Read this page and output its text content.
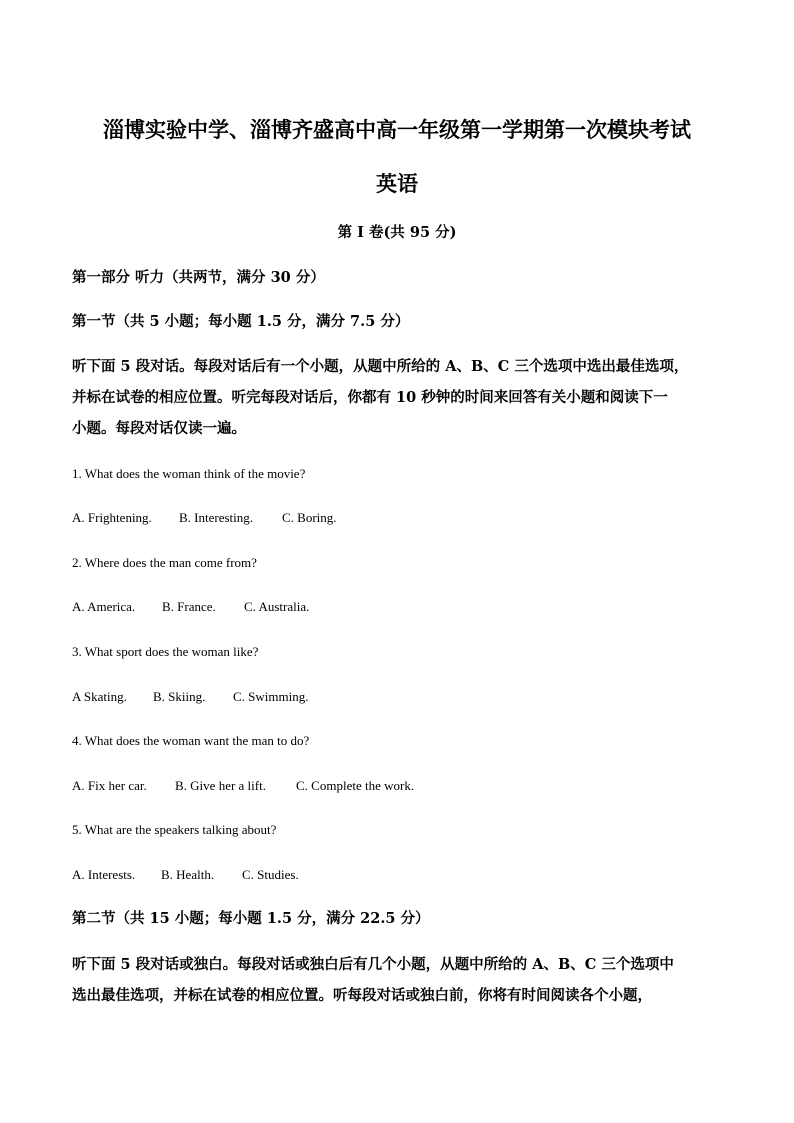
淄博实验中学、淄博齐盛高中高一年级第一学期第一次模块考试
英语
第 I 卷(共 95 分)
第一部分 听力（共两节，满分 30 分）
第一节（共 5 小题；每小题 1.5 分，满分 7.5 分）
听下面 5 段对话。每段对话后有一个小题，从题中所给的 A、B、C 三个选项中选出最佳选项，
并标在试卷的相应位置。听完每段对话后，你都有 10 秒钟的时间来回答有关小题和阅读下一
小题。每段对话仅读一遍。
1. What does the woman think of the movie?
A. Frightening. B. Interesting. C. Boring.
2. Where does the man come from?
A. America. B. France. C. Australia.
3. What sport does the woman like?
A Skating. B. Skiing. C. Swimming.
4. What does the woman want the man to do?
A. Fix her car. B. Give her a lift. C. Complete the work.
5. What are the speakers talking about?
A. Interests. B. Health. C. Studies.
第二节（共 15 小题；每小题 1.5 分，满分 22.5 分）
听下面 5 段对话或独白。每段对话或独白后有几个小题，从题中所给的 A、B、C 三个选项中
选出最佳选项，并标在试卷的相应位置。听每段对话或独白前，你将有时间阅读各个小题，
